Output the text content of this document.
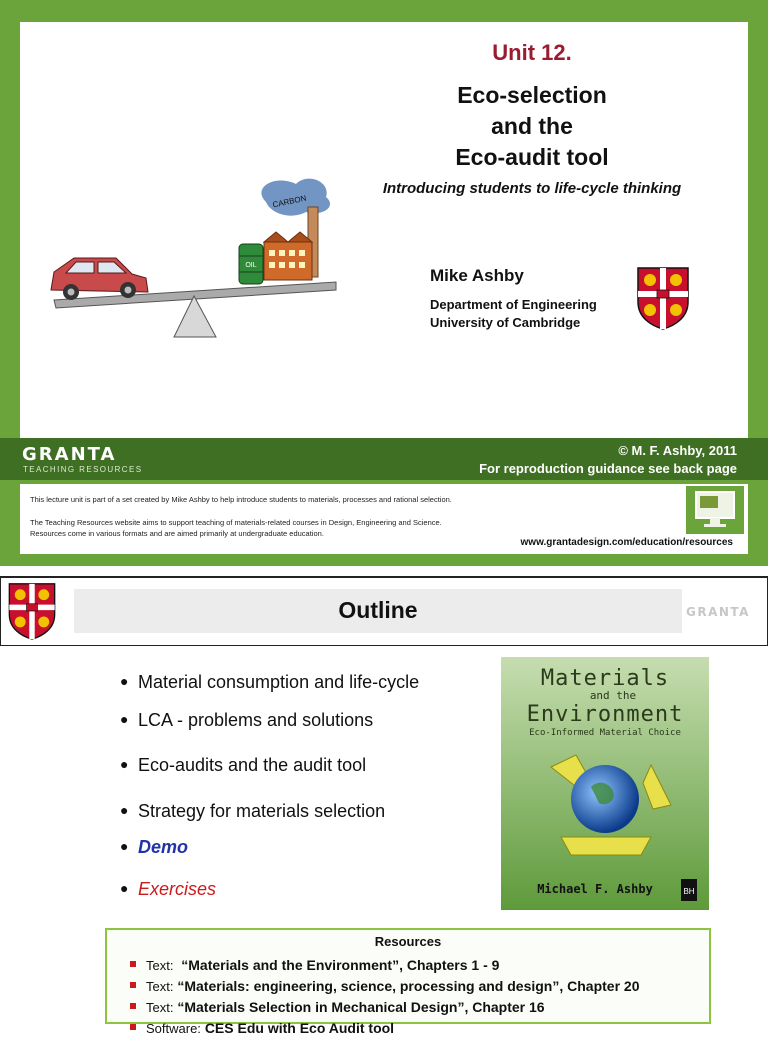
CARBON
OIL
Unit 12.
Eco-selection
and the
Eco-audit tool
Introducing students to life-cycle thinking
Mike Ashby
Department of Engineering
University of Cambridge
GRANTA
TEACHING RESOURCES
© M. F. Ashby, 2011
For reproduction guidance see back page
This lecture unit is part of a set created by Mike Ashby to help introduce students to materials, processes and rational selection.
The Teaching Resources website aims to support teaching of materials-related courses in Design, Engineering and Science.
Resources come in various formats and are aimed primarily at undergraduate education.
www.grantadesign.com/education/resources
Outline	GRANTA
● Material consumption and life-cycle
● LCA - problems and solutions
● Eco-audits and the audit tool
● Strategy for materials selection
● Demo
● Exercises
Materials
and the
Environment
Eco-Informed Material Choice
Michael F. Ashby	BH
Resources
Text: “Materials and the Environment”, Chapters 1 - 9
Text: “Materials: engineering, science, processing and design”, Chapter 20
Text: “Materials Selection in Mechanical Design”, Chapter 16
Software: CES Edu with Eco Audit tool
